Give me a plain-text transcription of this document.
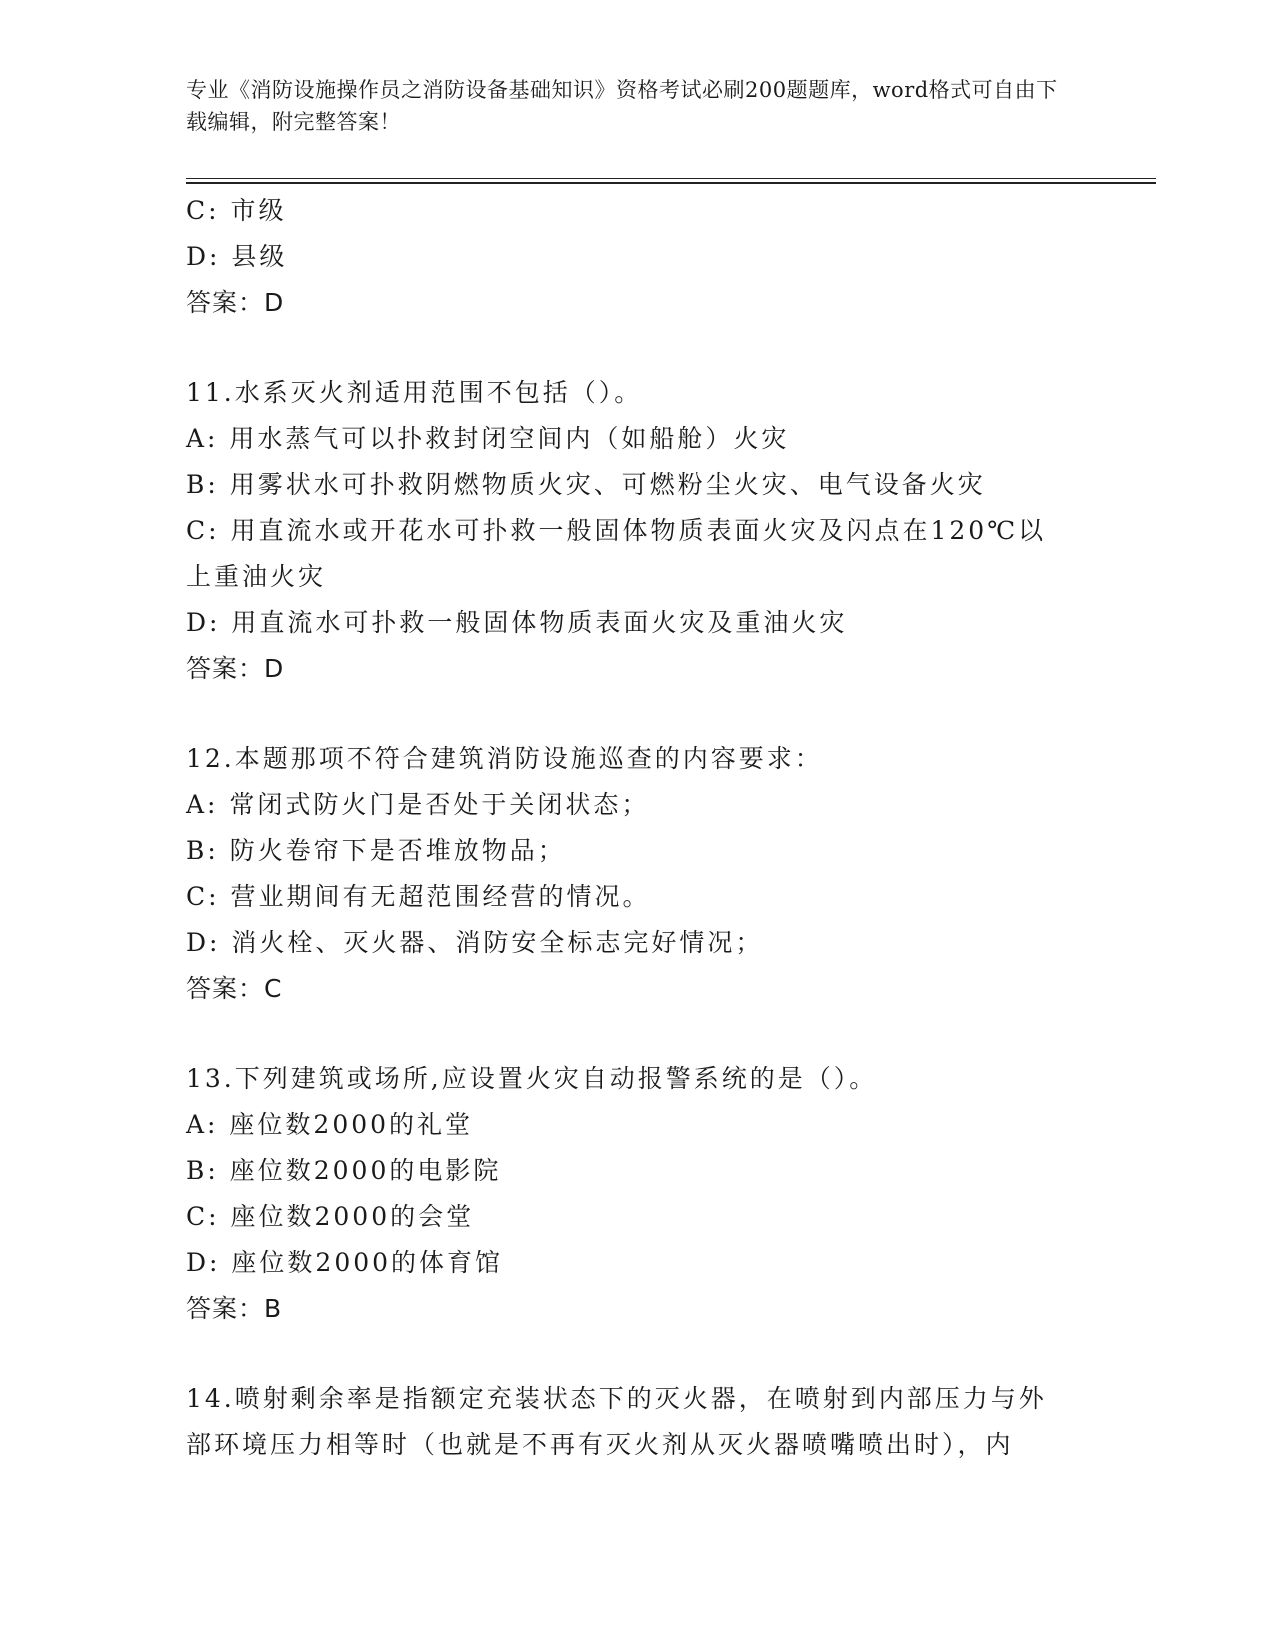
专业《消防设施操作员之消防设备基础知识》资格考试必刷200题题库，word格式可自由下载编辑，附完整答案！
C: 市级
D: 县级
答案：D
11.水系灭火剂适用范围不包括（）。
A: 用水蒸气可以扑救封闭空间内（如船舱）火灾
B: 用雾状水可扑救阴燃物质火灾、可燃粉尘火灾、电气设备火灾
C: 用直流水或开花水可扑救一般固体物质表面火灾及闪点在120℃以
上重油火灾
D: 用直流水可扑救一般固体物质表面火灾及重油火灾
答案：D
12.本题那项不符合建筑消防设施巡查的内容要求：
A: 常闭式防火门是否处于关闭状态；
B: 防火卷帘下是否堆放物品；
C: 营业期间有无超范围经营的情况。
D: 消火栓、灭火器、消防安全标志完好情况；
答案：C
13.下列建筑或场所,应设置火灾自动报警系统的是（）。
A: 座位数2000的礼堂
B: 座位数2000的电影院
C: 座位数2000的会堂
D: 座位数2000的体育馆
答案：B
14.喷射剩余率是指额定充装状态下的灭火器，在喷射到内部压力与外
部环境压力相等时（也就是不再有灭火剂从灭火器喷嘴喷出时），内
